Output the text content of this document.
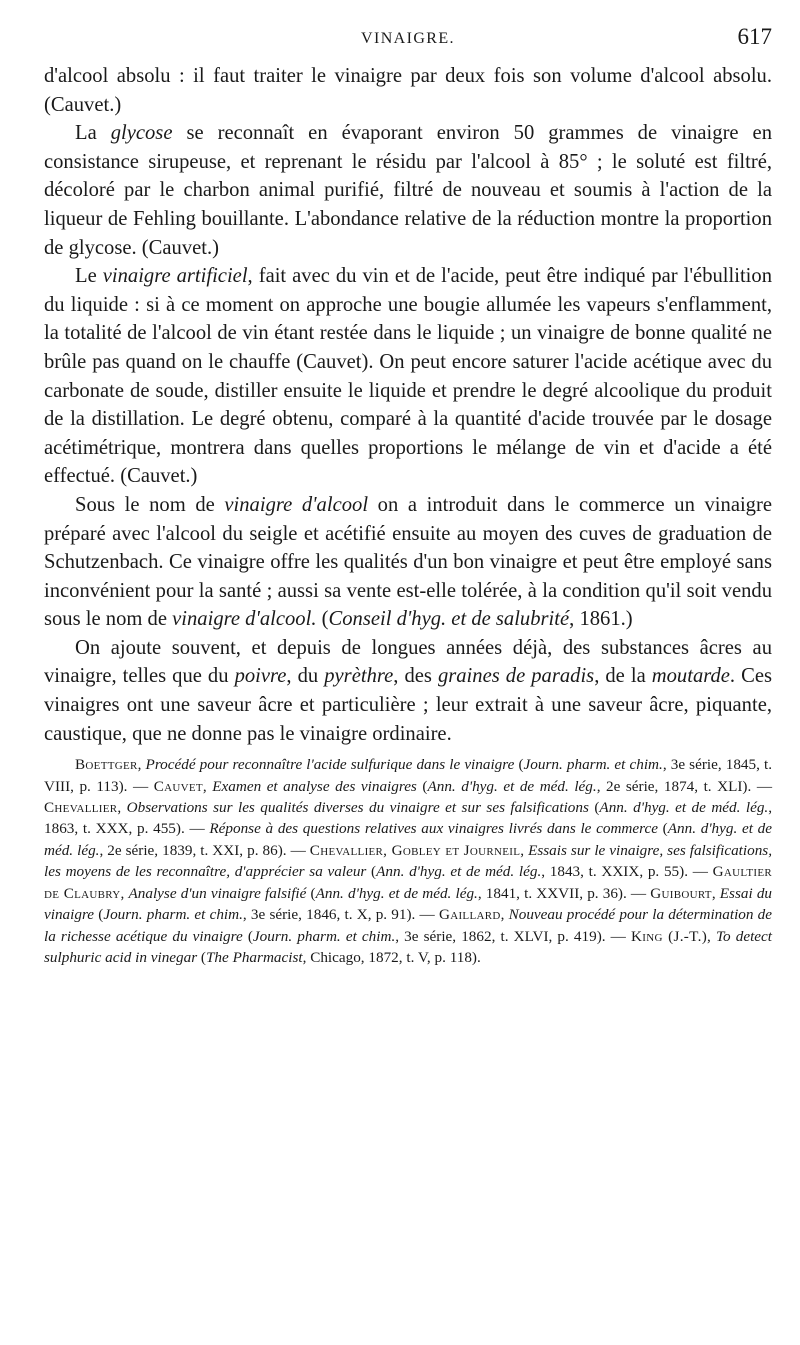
VINAIGRE.	617

d'alcool absolu : il faut traiter le vinaigre par deux fois son volume d'alcool absolu. (Cauvet.)

La glycose se reconnaît en évaporant environ 50 grammes de vinaigre en consistance sirupeuse, et reprenant le résidu par l'alcool à 85° ; le soluté est filtré, décoloré par le charbon animal purifié, filtré de nouveau et soumis à l'action de la liqueur de Fehling bouillante. L'abondance relative de la réduction montre la proportion de glycose. (Cauvet.)

Le vinaigre artificiel, fait avec du vin et de l'acide, peut être indiqué par l'ébullition du liquide : si à ce moment on approche une bougie allumée les vapeurs s'enflamment, la totalité de l'alcool de vin étant restée dans le liquide ; un vinaigre de bonne qualité ne brûle pas quand on le chauffe (Cauvet). On peut encore saturer l'acide acétique avec du carbonate de soude, distiller ensuite le liquide et prendre le degré alcoolique du produit de la distillation. Le degré obtenu, comparé à la quantité d'acide trouvée par le dosage acétimétrique, montrera dans quelles proportions le mélange de vin et d'acide a été effectué. (Cauvet.)

Sous le nom de vinaigre d'alcool on a introduit dans le commerce un vinaigre préparé avec l'alcool du seigle et acétifié ensuite au moyen des cuves de graduation de Schutzenbach. Ce vinaigre offre les qualités d'un bon vinaigre et peut être employé sans inconvénient pour la santé ; aussi sa vente est-elle tolérée, à la condition qu'il soit vendu sous le nom de vinaigre d'alcool. (Conseil d'hyg. et de salubrité, 1861.)

On ajoute souvent, et depuis de longues années déjà, des substances âcres au vinaigre, telles que du poivre, du pyrèthre, des graines de paradis, de la moutarde. Ces vinaigres ont une saveur âcre et particulière ; leur extrait à une saveur âcre, piquante, caustique, que ne donne pas le vinaigre ordinaire.

Boettger, Procédé pour reconnaître l'acide sulfurique dans le vinaigre (Journ. pharm. et chim., 3e série, 1845, t. VIII, p. 113). — Cauvet, Examen et analyse des vinaigres (Ann. d'hyg. et de méd. lég., 2e série, 1874, t. XLI). — Chevallier, Observations sur les qualités diverses du vinaigre et sur ses falsifications (Ann. d'hyg. et de méd. lég., 1863, t. XXX, p. 455). — Réponse à des questions relatives aux vinaigres livrés dans le commerce (Ann. d'hyg. et de méd. lég., 2e série, 1839, t. XXI, p. 86). — Chevallier, Gobley et Journeil, Essais sur le vinaigre, ses falsifications, les moyens de les reconnaître, d'apprécier sa valeur (Ann. d'hyg. et de méd. lég., 1843, t. XXIX, p. 55). — Gaultier de Claubry, Analyse d'un vinaigre falsifié (Ann. d'hyg. et de méd. lég., 1841, t. XXVII, p. 36). — Guibourt, Essai du vinaigre (Journ. pharm. et chim., 3e série, 1846, t. X, p. 91). — Gaillard, Nouveau procédé pour la détermination de la richesse acétique du vinaigre (Journ. pharm. et chim., 3e série, 1862, t. XLVI, p. 419). — King (J.-T.), To detect sulphuric acid in vinegar (The Pharmacist, Chicago, 1872, t. V, p. 118).
